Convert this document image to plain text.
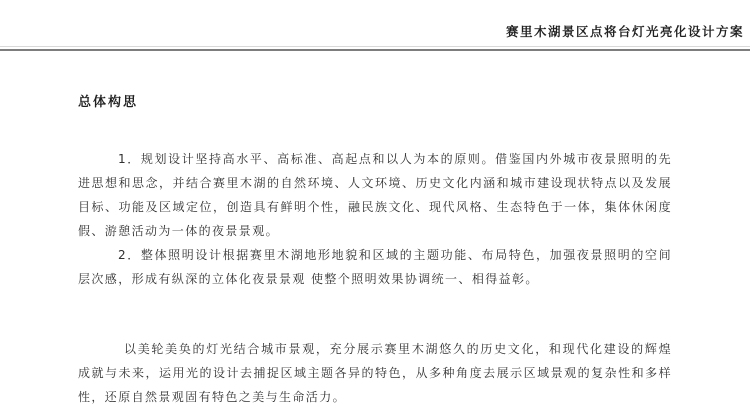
赛里木湖景区点将台灯光亮化设计方案
总体构思

1．规划设计坚持高水平、高标准、高起点和以人为本的原则。借鉴国内外城市夜景照明的先进思想和思念，并结合赛里木湖的自然环境、人文环境、历史文化内涵和城市建设现状特点以及发展目标、功能及区域定位，创造具有鲜明个性，融民族文化、现代风格、生态特色于一体，集体休闲度假、游憩活动为一体的夜景景观。

2．整体照明设计根据赛里木湖地形地貌和区域的主题功能、布局特色，加强夜景照明的空间层次感，形成有纵深的立体化夜景景观 使整个照明效果协调统一、相得益彰。

以美轮美奂的灯光结合城市景观，充分展示赛里木湖悠久的历史文化，和现代化建设的辉煌成就与未来，运用光的设计去捕捉区域主题各异的特色，从多种角度去展示区域景观的复杂性和多样性，还原自然景观固有特色之美与生命活力。
